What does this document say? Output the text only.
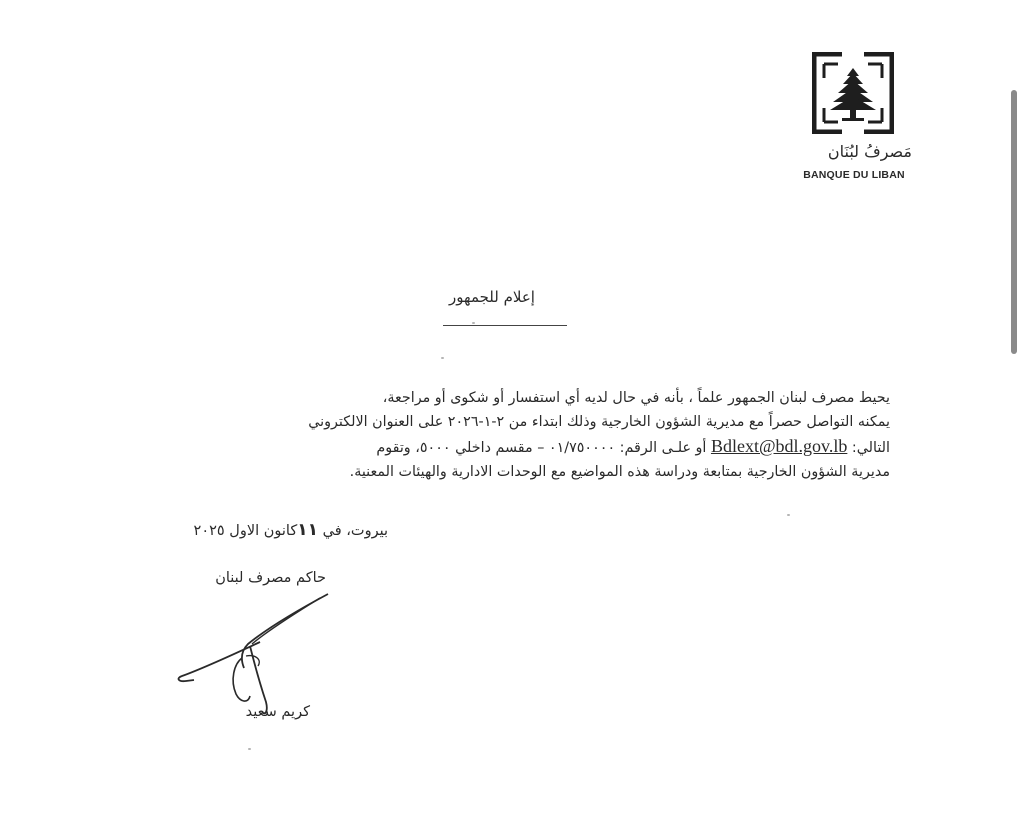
مَصرفُ لبُنَان
BANQUE DU LIBAN
إعلام للجمهور

يحيط مصرف لبنان الجمهور علماً ، بأنه في حال لديه أي استفسار أو شكوى أو مراجعة،

يمكنه التواصل حصراً مع مديرية الشؤون الخارجية وذلك ابتداء من ٢-١-٢٠٢٦ على العنوان الالكتروني

التالي: Bdlext@bdl.gov.lb أو علـى الرقم: ٠١/٧٥٠٠٠٠ – مقسم داخلي ٥٠٠٠، وتقوم

مديرية الشؤون الخارجية بمتابعة ودراسة هذه المواضيع مع الوحدات الادارية والهيئات المعنية.

بيروت، في ١١كانون الاول ٢٠٢٥
حاكم مصرف لبنان
كريم سعيد
